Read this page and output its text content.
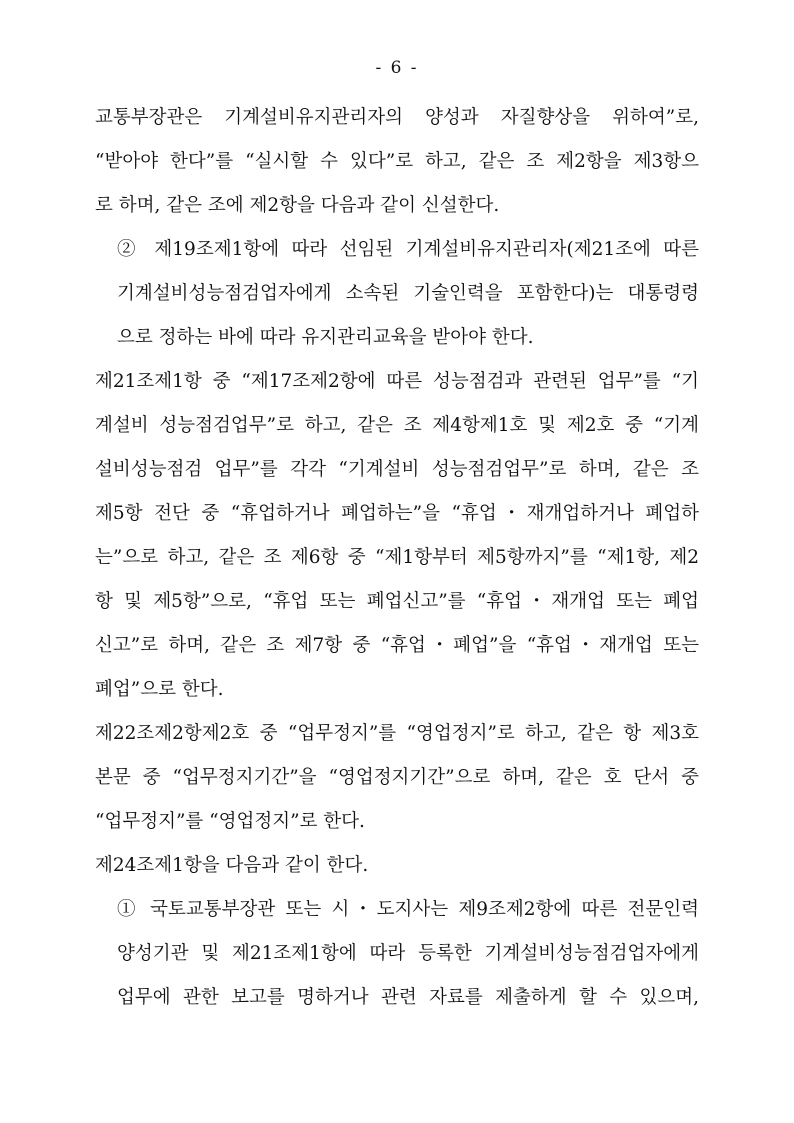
- 6 -
교통부장관은 기계설비유지관리자의 양성과 자질향상을 위하여”로,
“받아야 한다”를 “실시할 수 있다”로 하고, 같은 조 제2항을 제3항으
로 하며, 같은 조에 제2항을 다음과 같이 신설한다.
② 제19조제1항에 따라 선임된 기계설비유지관리자(제21조에 따른
기계설비성능점검업자에게 소속된 기술인력을 포함한다)는 대통령령
으로 정하는 바에 따라 유지관리교육을 받아야 한다.
제21조제1항 중 “제17조제2항에 따른 성능점검과 관련된 업무”를 “기
계설비 성능점검업무”로 하고, 같은 조 제4항제1호 및 제2호 중 “기계
설비성능점검 업무”를 각각 “기계설비 성능점검업무”로 하며, 같은 조
제5항 전단 중 “휴업하거나 폐업하는”을 “휴업・재개업하거나 폐업하
는”으로 하고, 같은 조 제6항 중 “제1항부터 제5항까지”를 “제1항, 제2
항 및 제5항”으로, “휴업 또는 폐업신고”를 “휴업・재개업 또는 폐업
신고”로 하며, 같은 조 제7항 중 “휴업・폐업”을 “휴업・재개업 또는
폐업”으로 한다.
제22조제2항제2호 중 “업무정지”를 “영업정지”로 하고, 같은 항 제3호
본문 중 “업무정지기간”을 “영업정지기간”으로 하며, 같은 호 단서 중
“업무정지”를 “영업정지”로 한다.
제24조제1항을 다음과 같이 한다.
① 국토교통부장관 또는 시・도지사는 제9조제2항에 따른 전문인력
양성기관 및 제21조제1항에 따라 등록한 기계설비성능점검업자에게
업무에 관한 보고를 명하거나 관련 자료를 제출하게 할 수 있으며,
